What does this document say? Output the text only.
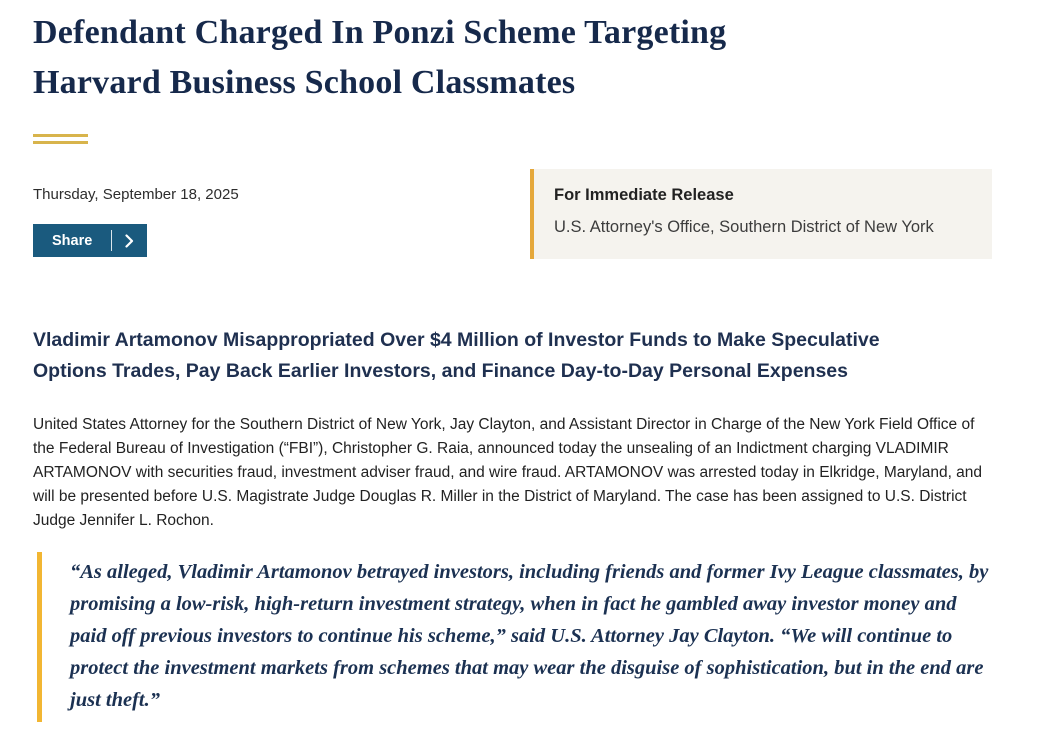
Defendant Charged In Ponzi Scheme Targeting Harvard Business School Classmates
Thursday, September 18, 2025
Share
For Immediate Release
U.S. Attorney's Office, Southern District of New York
Vladimir Artamonov Misappropriated Over $4 Million of Investor Funds to Make Speculative Options Trades, Pay Back Earlier Investors, and Finance Day-to-Day Personal Expenses

United States Attorney for the Southern District of New York, Jay Clayton, and Assistant Director in Charge of the New York Field Office of the Federal Bureau of Investigation (“FBI”), Christopher G. Raia, announced today the unsealing of an Indictment charging VLADIMIR ARTAMONOV with securities fraud, investment adviser fraud, and wire fraud. ARTAMONOV was arrested today in Elkridge, Maryland, and will be presented before U.S. Magistrate Judge Douglas R. Miller in the District of Maryland. The case has been assigned to U.S. District Judge Jennifer L. Rochon.

“As alleged, Vladimir Artamonov betrayed investors, including friends and former Ivy League classmates, by promising a low-risk, high-return investment strategy, when in fact he gambled away investor money and paid off previous investors to continue his scheme,” said U.S. Attorney Jay Clayton. “We will continue to protect the investment markets from schemes that may wear the disguise of sophistication, but in the end are just theft.”
